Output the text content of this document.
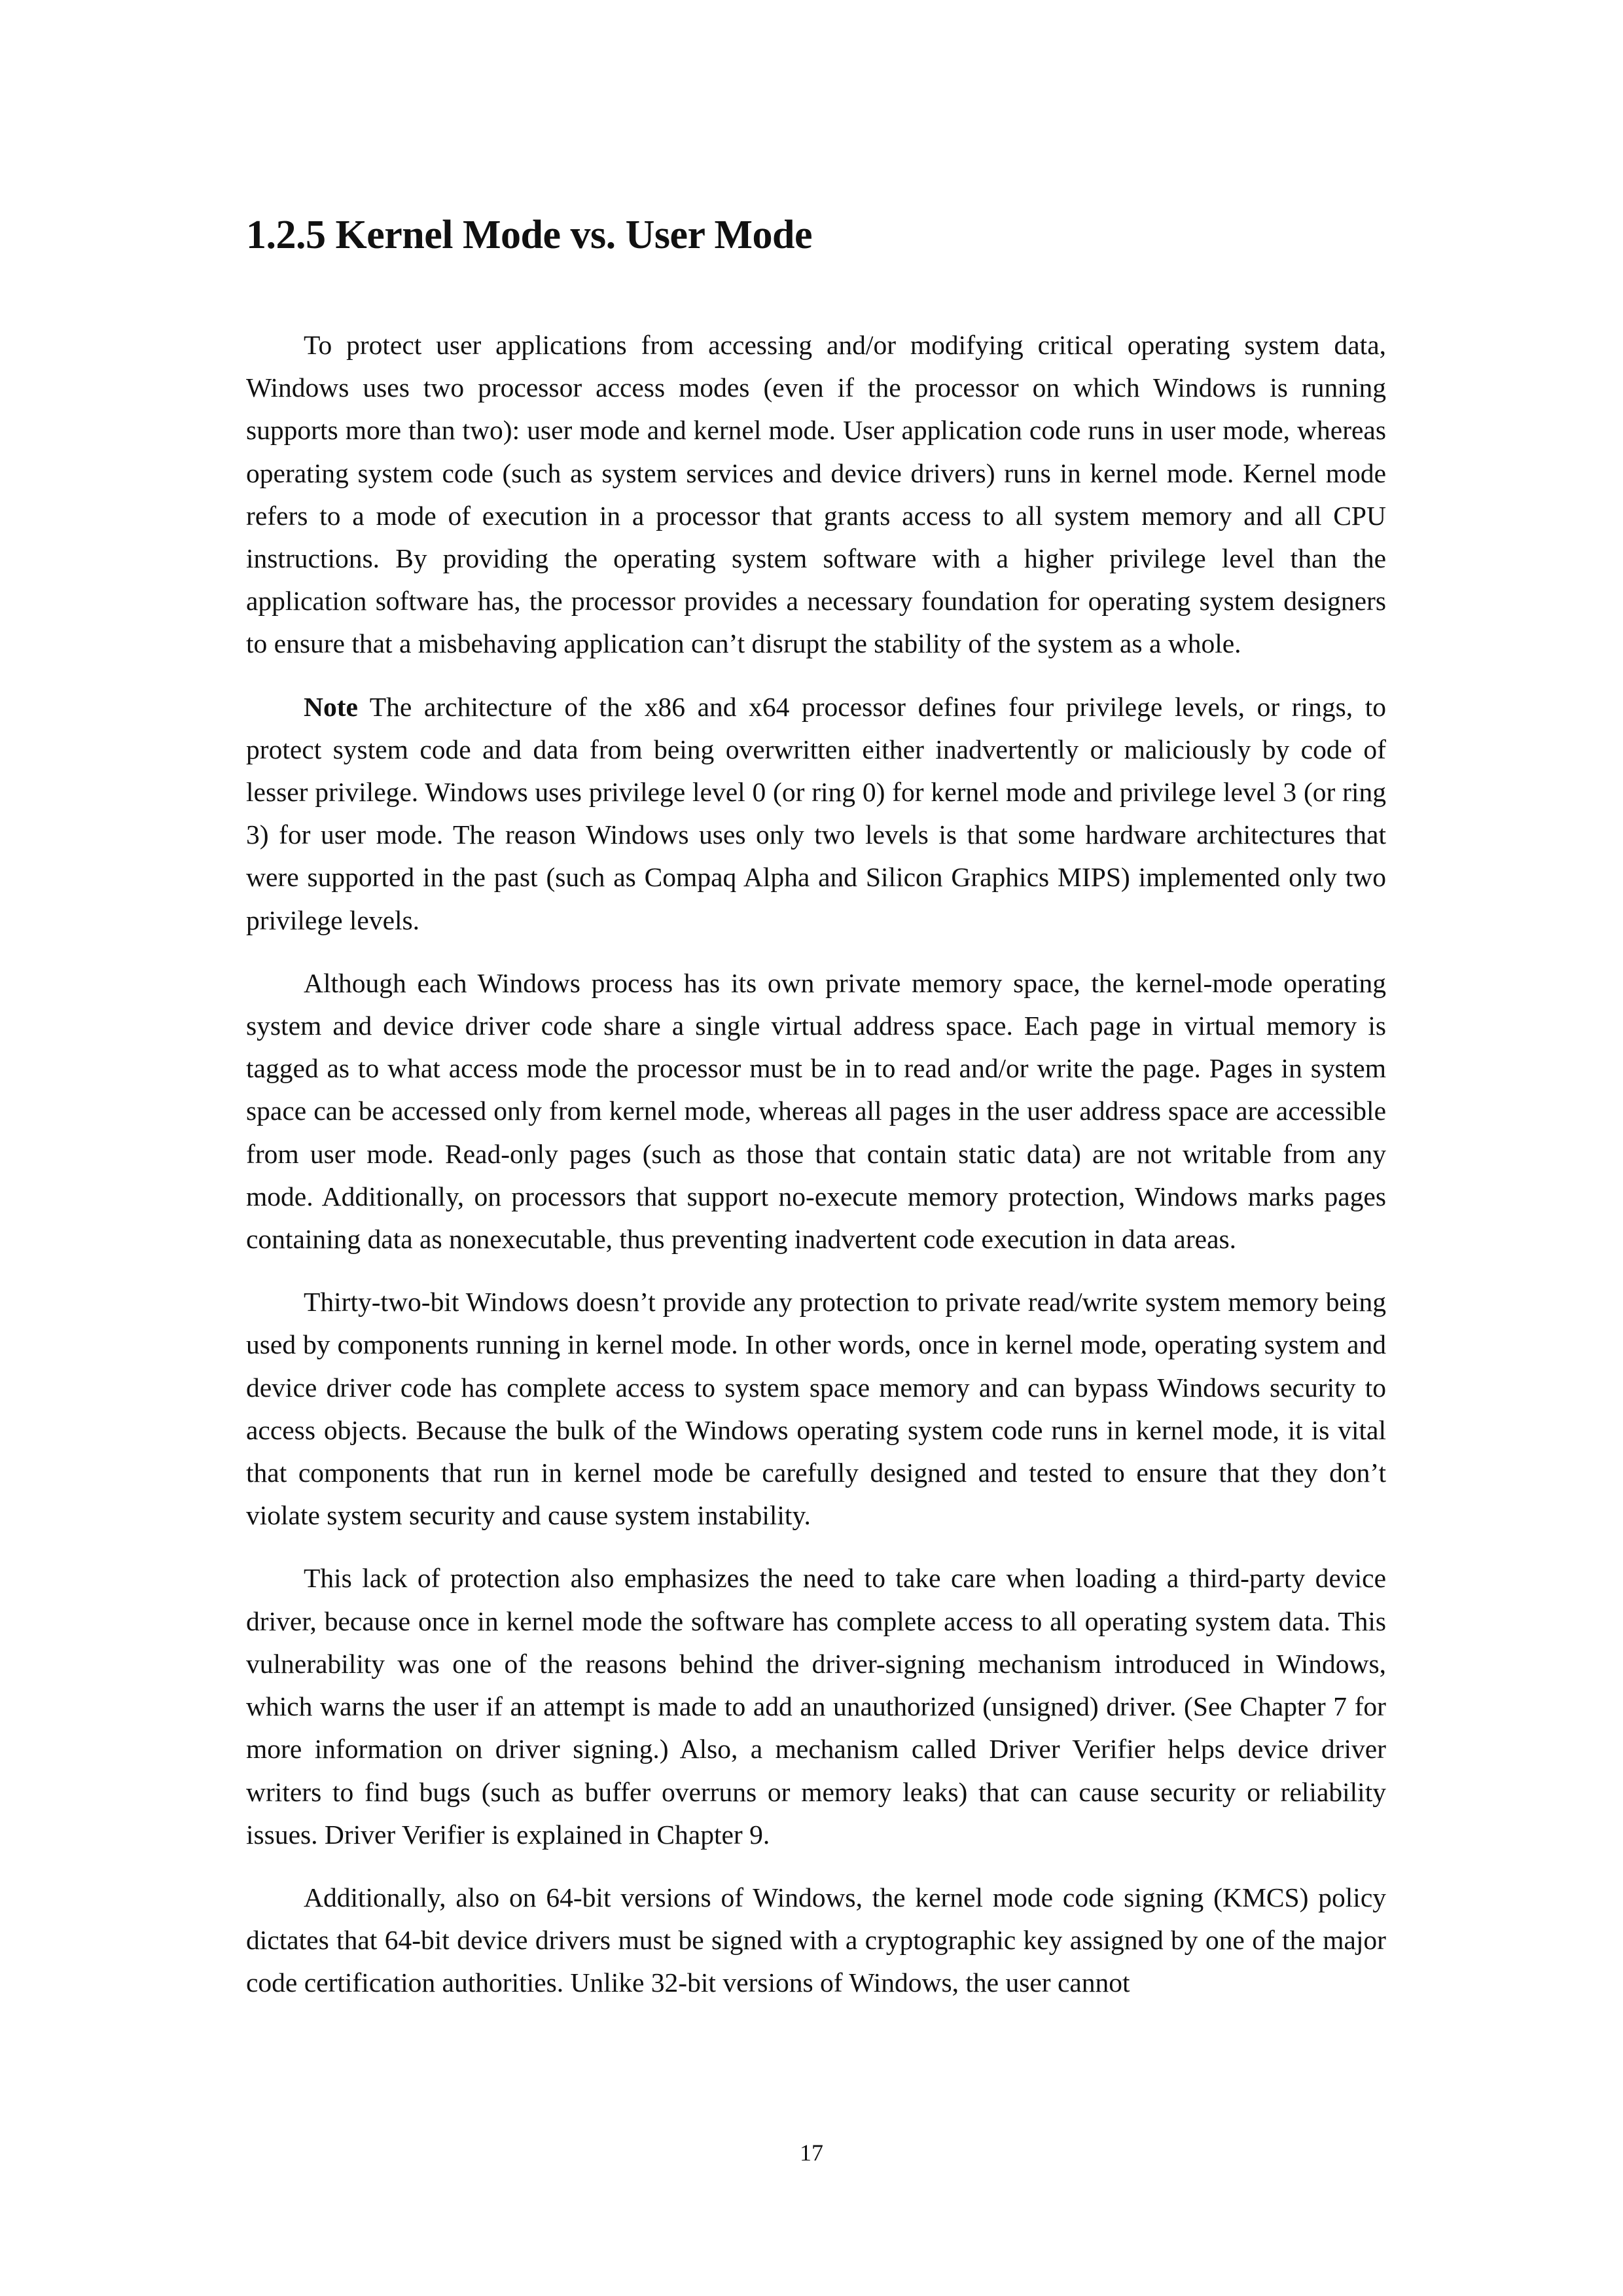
1.2.5 Kernel Mode vs. User Mode

To protect user applications from accessing and/or modifying critical operating system data, Windows uses two processor access modes (even if the processor on which Windows is running supports more than two): user mode and kernel mode. User application code runs in user mode, whereas operating system code (such as system services and device drivers) runs in kernel mode. Kernel mode refers to a mode of execution in a processor that grants access to all system memory and all CPU instructions. By providing the operating system software with a higher privilege level than the application software has, the processor provides a necessary foundation for operating system designers to ensure that a misbehaving application can’t disrupt the stability of the system as a whole.

Note The architecture of the x86 and x64 processor defines four privilege levels, or rings, to protect system code and data from being overwritten either inadvertently or maliciously by code of lesser privilege. Windows uses privilege level 0 (or ring 0) for kernel mode and privilege level 3 (or ring 3) for user mode. The reason Windows uses only two levels is that some hardware architectures that were supported in the past (such as Compaq Alpha and Silicon Graphics MIPS) implemented only two privilege levels.

Although each Windows process has its own private memory space, the kernel-mode operating system and device driver code share a single virtual address space. Each page in virtual memory is tagged as to what access mode the processor must be in to read and/or write the page. Pages in system space can be accessed only from kernel mode, whereas all pages in the user address space are accessible from user mode. Read-only pages (such as those that contain static data) are not writable from any mode. Additionally, on processors that support no-execute memory protection, Windows marks pages containing data as nonexecutable, thus preventing inadvertent code execution in data areas.

Thirty-two-bit Windows doesn’t provide any protection to private read/write system memory being used by components running in kernel mode. In other words, once in kernel mode, operating system and device driver code has complete access to system space memory and can bypass Windows security to access objects. Because the bulk of the Windows operating system code runs in kernel mode, it is vital that components that run in kernel mode be carefully designed and tested to ensure that they don’t violate system security and cause system instability.

This lack of protection also emphasizes the need to take care when loading a third-party device driver, because once in kernel mode the software has complete access to all operating system data. This vulnerability was one of the reasons behind the driver-signing mechanism introduced in Windows, which warns the user if an attempt is made to add an unauthorized (unsigned) driver. (See Chapter 7 for more information on driver signing.) Also, a mechanism called Driver Verifier helps device driver writers to find bugs (such as buffer overruns or memory leaks) that can cause security or reliability issues. Driver Verifier is explained in Chapter 9.

Additionally, also on 64-bit versions of Windows, the kernel mode code signing (KMCS) policy dictates that 64-bit device drivers must be signed with a cryptographic key assigned by one of the major code certification authorities. Unlike 32-bit versions of Windows, the user cannot

17
